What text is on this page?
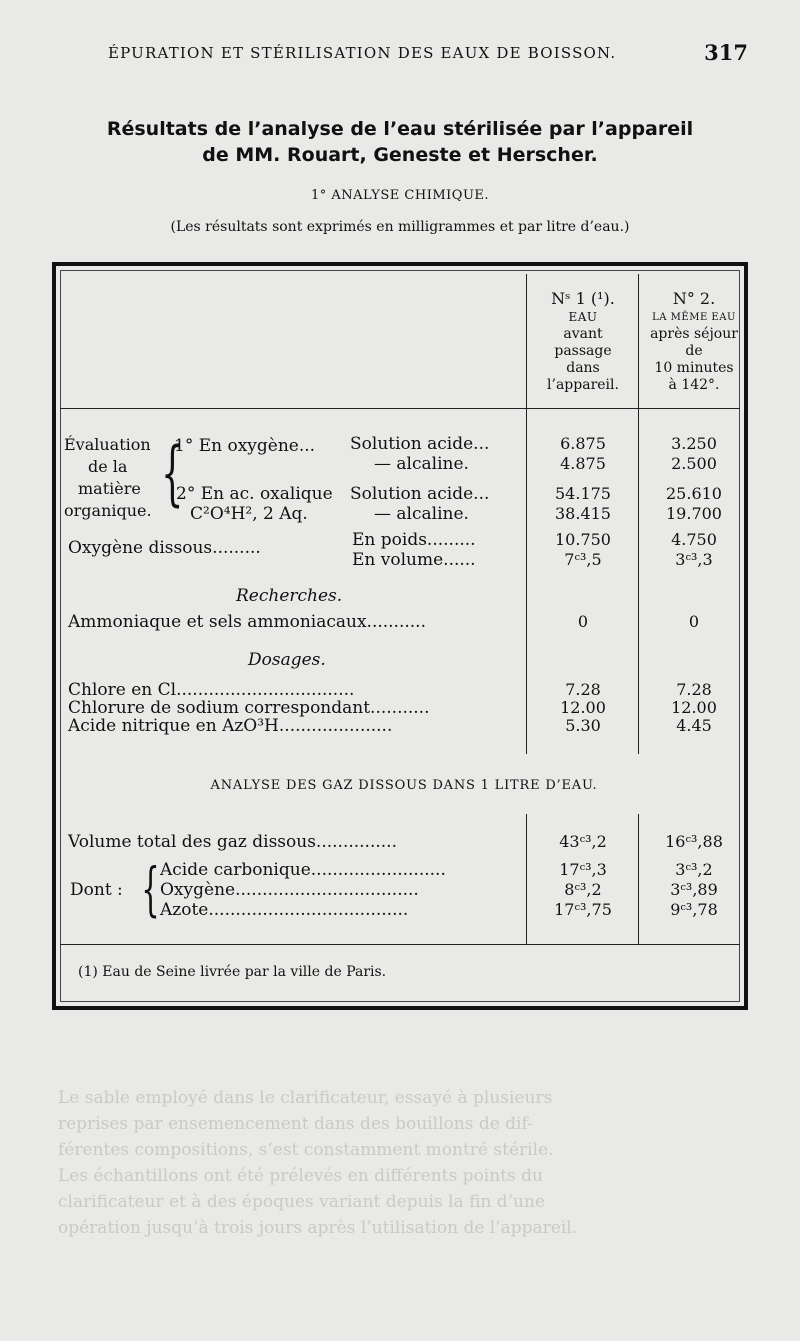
Le sable employé dans le clarificateur, essayé à plusieurs

reprises par ensemencement dans des bouillons de dif-

férentes compositions, s’est constamment montré stérile.

Les échantillons ont été prélevés en différents points du

clarificateur et à des époques variant depuis la fin d’une

opération jusqu’à trois jours après l’utilisation de l’appareil.

ÉPURATION ET STÉRILISATION DES EAUX DE BOISSON.	317
Résultats de l’analyse de l’eau stérilisée par l’appareil
de MM. Rouart, Geneste et Herscher.
1° ANALYSE CHIMIQUE.
(Les résultats sont exprimés en milligrammes et par litre d’eau.)
Nˢ 1 (¹).
EAU
avant
passage
dans
l’appareil.
N° 2.
LA MÊME EAU
après séjour
de
10 minutes
à 142°.
Évaluation
de la
matière
organique. {
1° En oxygène...
2° En ac. oxalique
C²O⁴H², 2 Aq.
Solution acide...
— alcaline.
Solution acide...
— alcaline.
Oxygène dissous.........	En poids.........
En volume......
Recherches.
Ammoniaque et sels ammoniacaux...........
Dosages.
Chlore en Cl.................................
Chlorure de sodium correspondant...........
Acide nitrique en AzO³H.....................
6.875
4.875
54.175
38.415
10.750
7ᶜ³,5
0
7.28
12.00
5.30
3.250
2.500
25.610
19.700
4.750
3ᶜ³,3
0
7.28
12.00
4.45
ANALYSE DES GAZ DISSOUS DANS 1 LITRE D’EAU.
Volume total des gaz dissous...............
Dont : { Acide carbonique.........................
Oxygène..................................
Azote.....................................
43ᶜ³,2
17ᶜ³,3
8ᶜ³,2
17ᶜ³,75
16ᶜ³,88
3ᶜ³,2
3ᶜ³,89
9ᶜ³,78
(1) Eau de Seine livrée par la ville de Paris.
